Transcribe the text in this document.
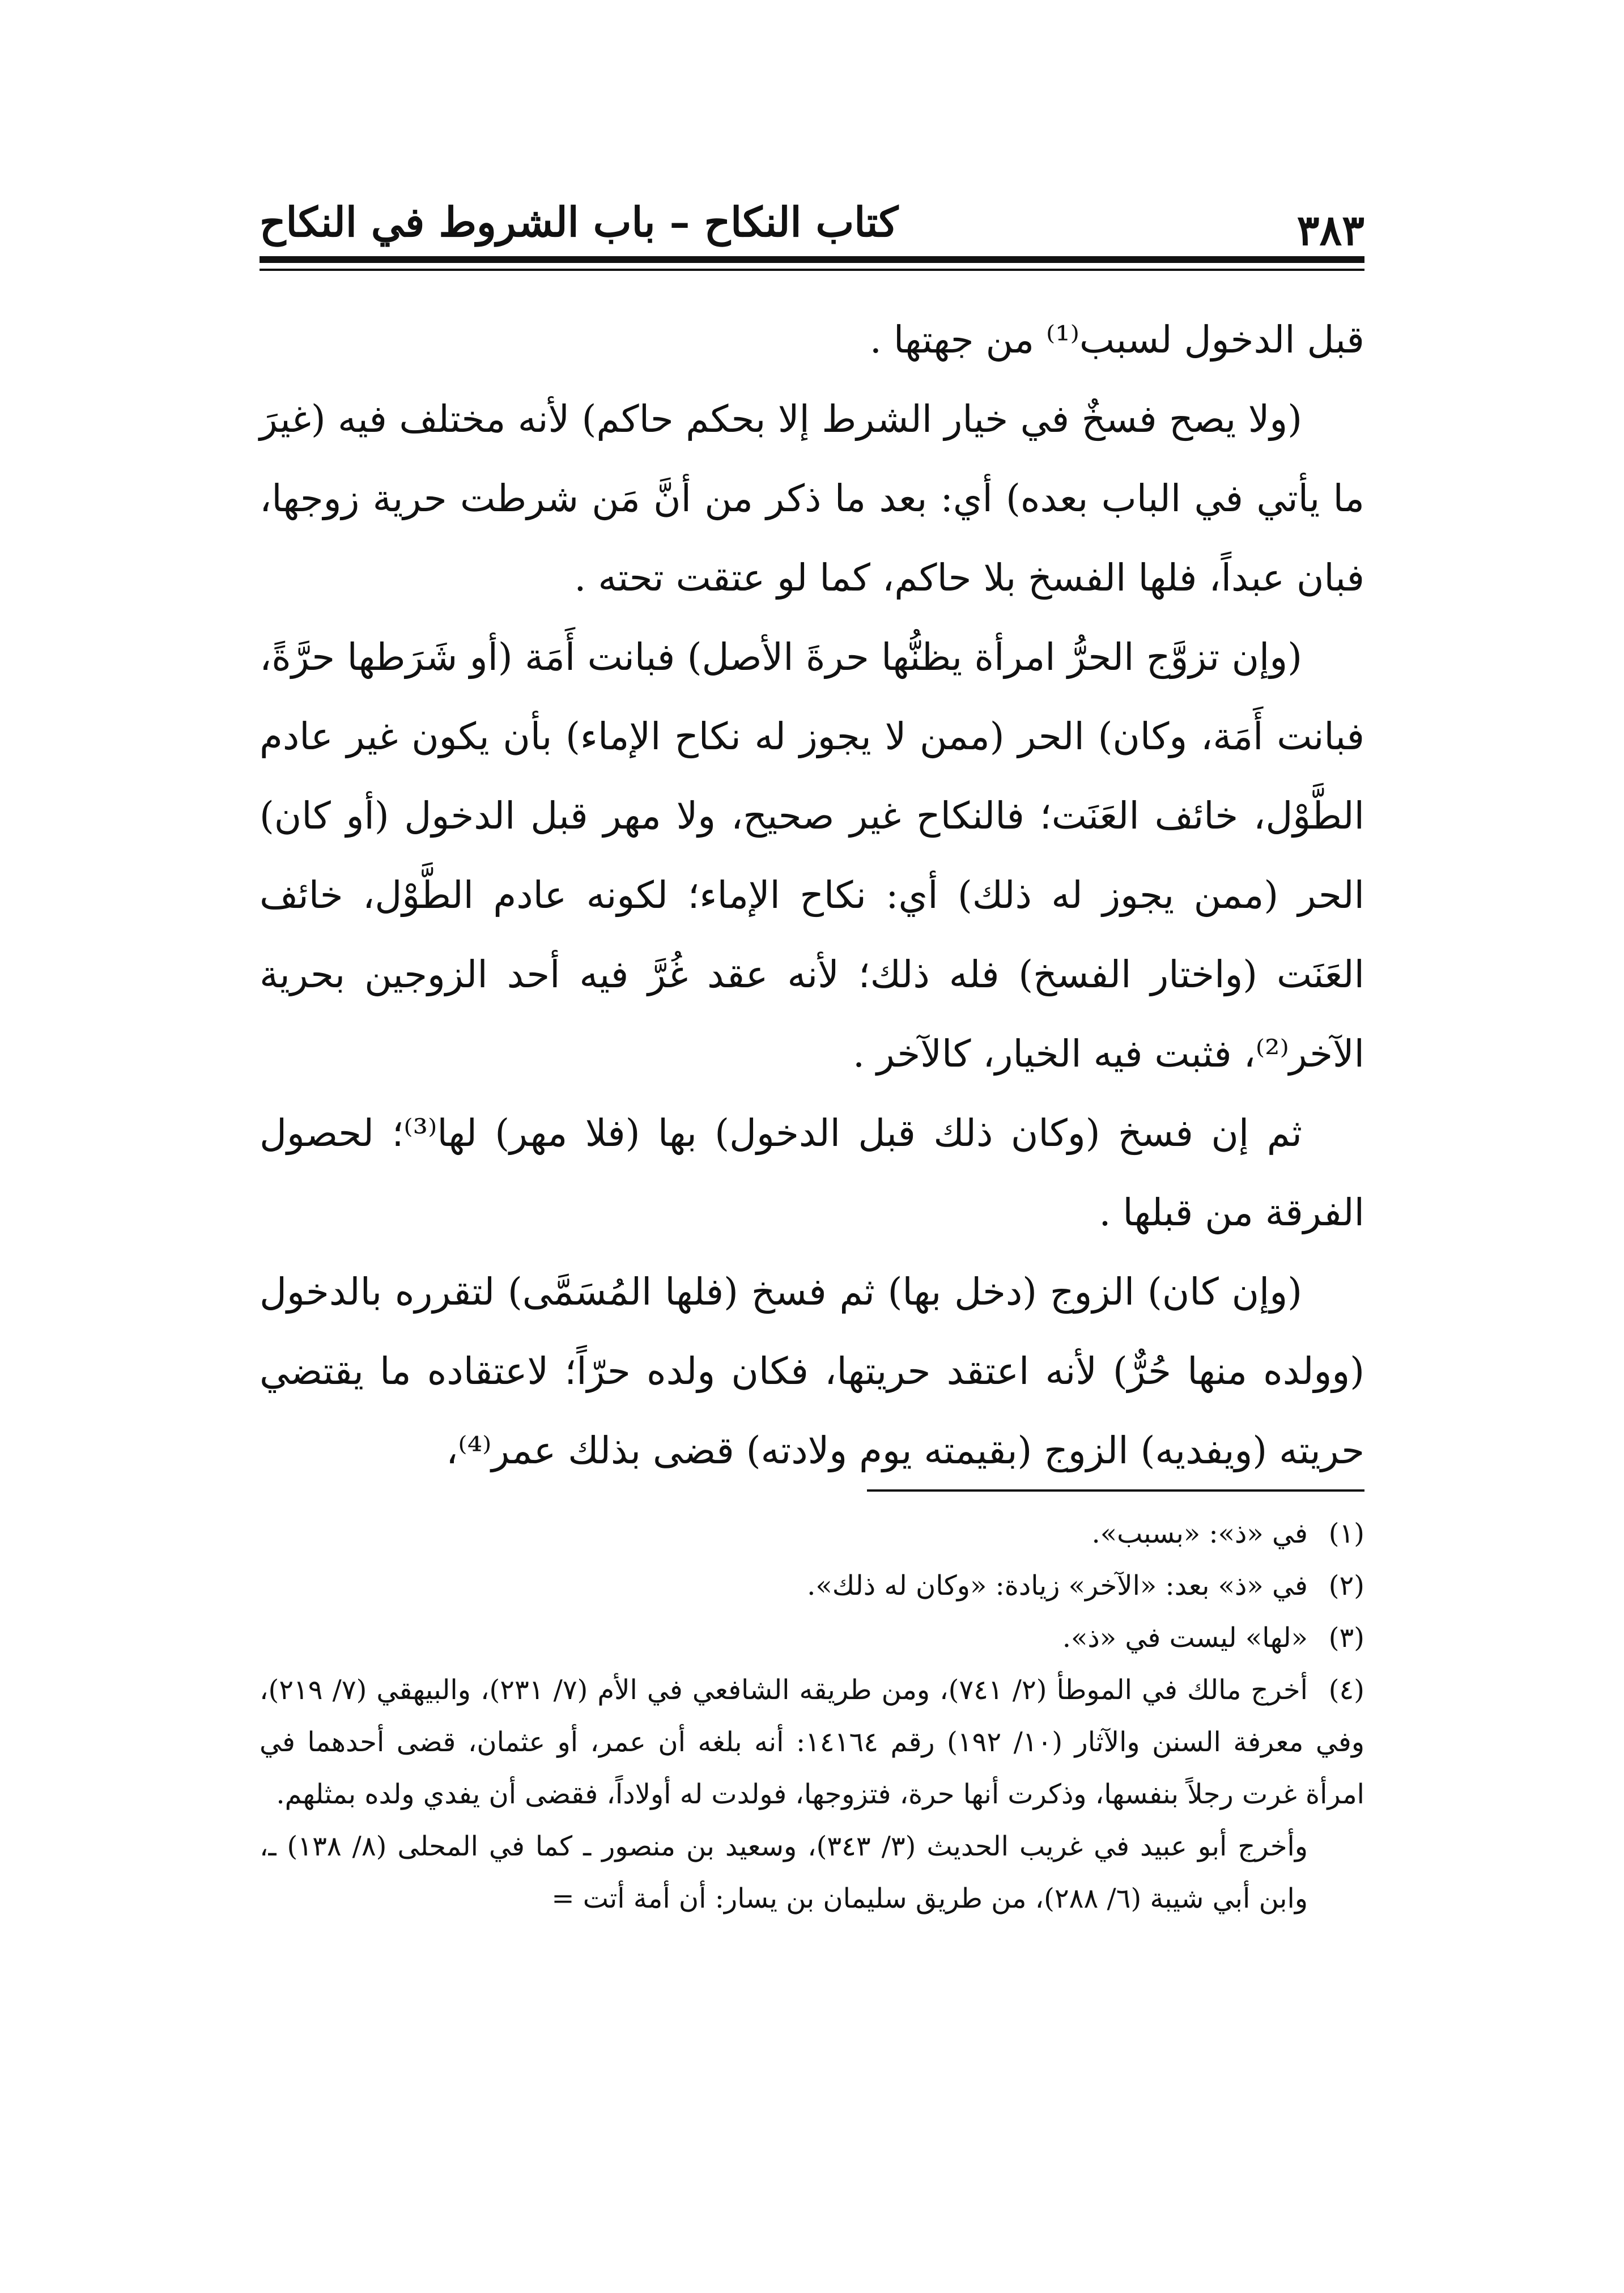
٣٨٣
كتاب النكاح – باب الشروط في النكاح

قبل الدخول لسبب⁽¹⁾ من جهتها .

(ولا يصح فسخٌ في خيار الشرط إلا بحكم حاكم) لأنه مختلف فيه (غيرَ ما يأتي في الباب بعده) أي: بعد ما ذكر من أنَّ مَن شرطت حرية زوجها، فبان عبداً، فلها الفسخ بلا حاكم، كما لو عتقت تحته .

(وإن تزوَّج الحرُّ امرأة يظنُّها حرةَ الأصل) فبانت أَمَة (أو شَرَطها حرَّةً، فبانت أَمَة، وكان) الحر (ممن لا يجوز له نكاح الإماء) بأن يكون غير عادم الطَّوْل، خائف العَنَت؛ فالنكاح غير صحيح، ولا مهر قبل الدخول (أو كان) الحر (ممن يجوز له ذلك) أي: نكاح الإماء؛ لكونه عادم الطَّوْل، خائف العَنَت (واختار الفسخ) فله ذلك؛ لأنه عقد غُرَّ فيه أحد الزوجين بحرية الآخر⁽²⁾، فثبت فيه الخيار، كالآخر .

ثم إن فسخ (وكان ذلك قبل الدخول) بها (فلا مهر) لها⁽³⁾؛ لحصول الفرقة من قبلها .

(وإن كان) الزوج (دخل بها) ثم فسخ (فلها المُسَمَّى) لتقرره بالدخول (وولده منها حُرٌّ) لأنه اعتقد حريتها، فكان ولده حرّاً؛ لاعتقاده ما يقتضي حريته (ويفديه) الزوج (بقيمته يوم ولادته) قضى بذلك عمر⁽⁴⁾،

(١)في «ذ»: «بسبب».

(٢)في «ذ» بعد: «الآخر» زيادة: «وكان له ذلك».

(٣)«لها» ليست في «ذ».

(٤)أخرج مالك في الموطأ (٢/ ٧٤١)، ومن طريقه الشافعي في الأم (٧/ ٢٣١)، والبيهقي (٧/ ٢١٩)، وفي معرفة السنن والآثار (١٠/ ١٩٢) رقم ١٤١٦٤: أنه بلغه أن عمر، أو عثمان، قضى أحدهما في امرأة غرت رجلاً بنفسها، وذكرت أنها حرة، فتزوجها، فولدت له أولاداً، فقضى أن يفدي ولده بمثلهم.

وأخرج أبو عبيد في غريب الحديث (٣/ ٣٤٣)، وسعيد بن منصور ـ كما في المحلى (٨/ ١٣٨) ـ، وابن أبي شيبة (٦/ ٢٨٨)، من طريق سليمان بن يسار: أن أمة أتت =
